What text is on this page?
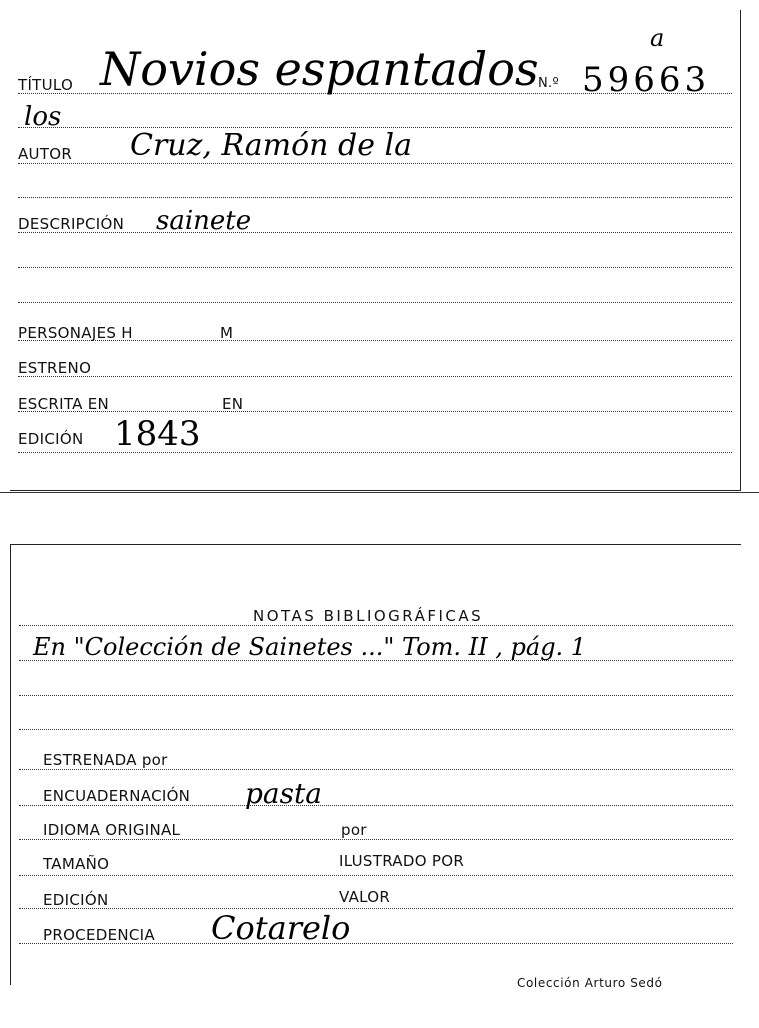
TÍTULO Novios espantados N.º 59663
a
los
AUTOR Cruz, Ramón de la
DESCRIPCIÓN sainete
PERSONAJES H	M
ESTRENO
ESCRITA EN	EN
EDICIÓN 1843
NOTAS BIBLIOGRÁFICAS
En "Colección de Sainetes ..." Tom. II , pág. 1
ESTRENADA por
ENCUADERNACIÓN pasta
IDIOMA ORIGINAL	por
TAMAÑO	ILUSTRADO POR
EDICIÓN	VALOR
PROCEDENCIA Cotarelo
Colección Arturo Sedó
